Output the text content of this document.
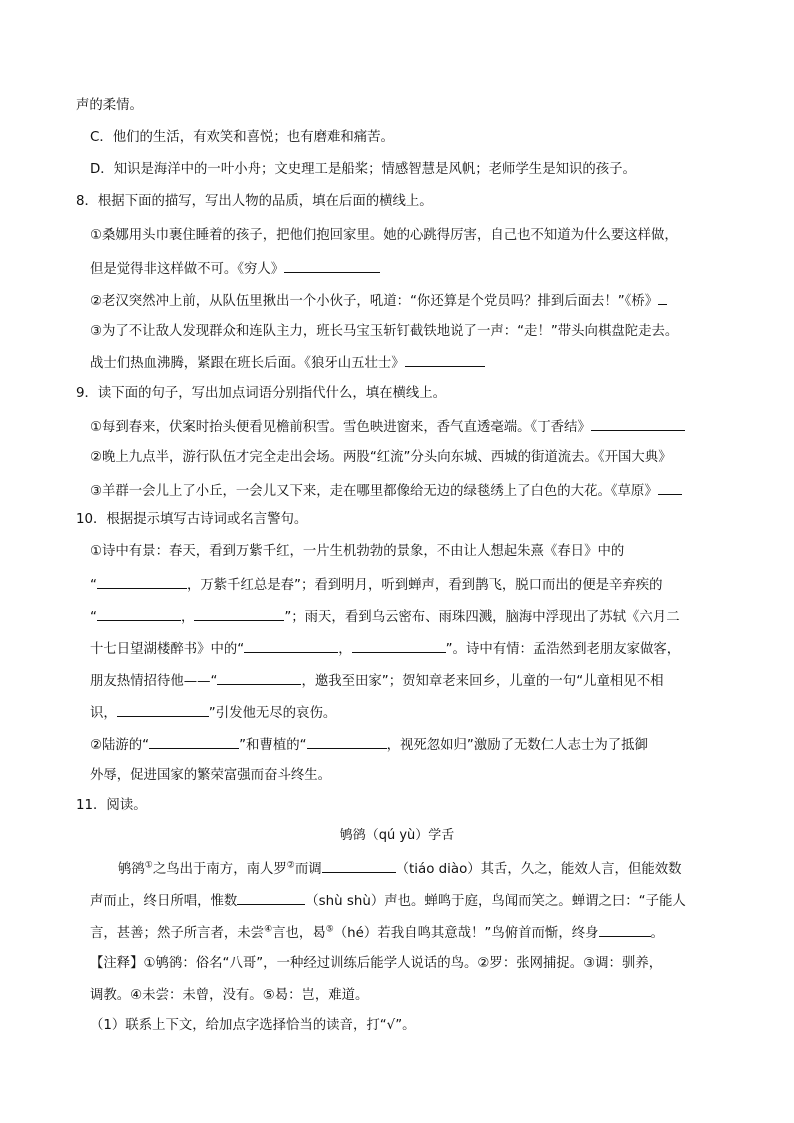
声的柔情。
C．他们的生活，有欢笑和喜悦；也有磨难和痛苦。
D．知识是海洋中的一叶小舟；文史理工是船桨；情感智慧是风帆；老师学生是知识的孩子。
8．根据下面的描写，写出人物的品质，填在后面的横线上。
①桑娜用头巾裹住睡着的孩子，把他们抱回家里。她的心跳得厉害，自己也不知道为什么要这样做，
但是觉得非这样做不可。《穷人》
②老汉突然冲上前，从队伍里揪出一个小伙子，吼道：“你还算是个党员吗？排到后面去！”《桥》
③为了不让敌人发现群众和连队主力，班长马宝玉斩钉截铁地说了一声：“走！”带头向棋盘陀走去。
战士们热血沸腾，紧跟在班长后面。《狼牙山五壮士》
9．读下面的句子，写出加点词语分别指代什么，填在横线上。
①每到春来，伏案时抬头便看见檐前积雪。雪色映进窗来，香气直透毫端。《丁香结》
②晚上九点半，游行队伍才完全走出会场。两股“红流”分头向东城、西城的街道流去。《开国大典》
③羊群一会儿上了小丘，一会儿又下来，走在哪里都像给无边的绿毯绣上了白色的大花。《草原》
10．根据提示填写古诗词或名言警句。
①诗中有景：春天，看到万紫千红，一片生机勃勃的景象，不由让人想起朱熹《春日》中的
“	，万紫千红总是春”；看到明月，听到蝉声，看到鹊飞，脱口而出的便是辛弃疾的
“	，	”；雨天，看到乌云密布、雨珠四溅，脑海中浮现出了苏轼《六月二
十七日望湖楼醉书》中的“	，	”。诗中有情：孟浩然到老朋友家做客，
朋友热情招待他——“	，邀我至田家”；贺知章老来回乡，儿童的一句“儿童相见不相
识，	”引发他无尽的哀伤。
②陆游的“	”和曹植的“	，视死忽如归”激励了无数仁人志士为了抵御
外辱，促进国家的繁荣富强而奋斗终生。
11．阅读。
鸲鹆（qú yù）学舌
鸲鹆①之鸟出于南方，南人罗②而调	（tiáo diào）其舌，久之，能效人言，但能效数
声而止，终日所唱，惟数	（shù shù）声也。蝉鸣于庭，鸟闻而笑之。蝉谓之曰：“子能人
言，甚善；然子所言者，未尝④言也，曷⑤（hé）若我自鸣其意哉！”鸟俯首而惭，终身	。
【注释】①鸲鹆：俗名“八哥”，一种经过训练后能学人说话的鸟。②罗：张网捕捉。③调：驯养，
调教。④未尝：未曾，没有。⑤曷：岂，难道。
（1）联系上下文，给加点字选择恰当的读音，打“√”。
